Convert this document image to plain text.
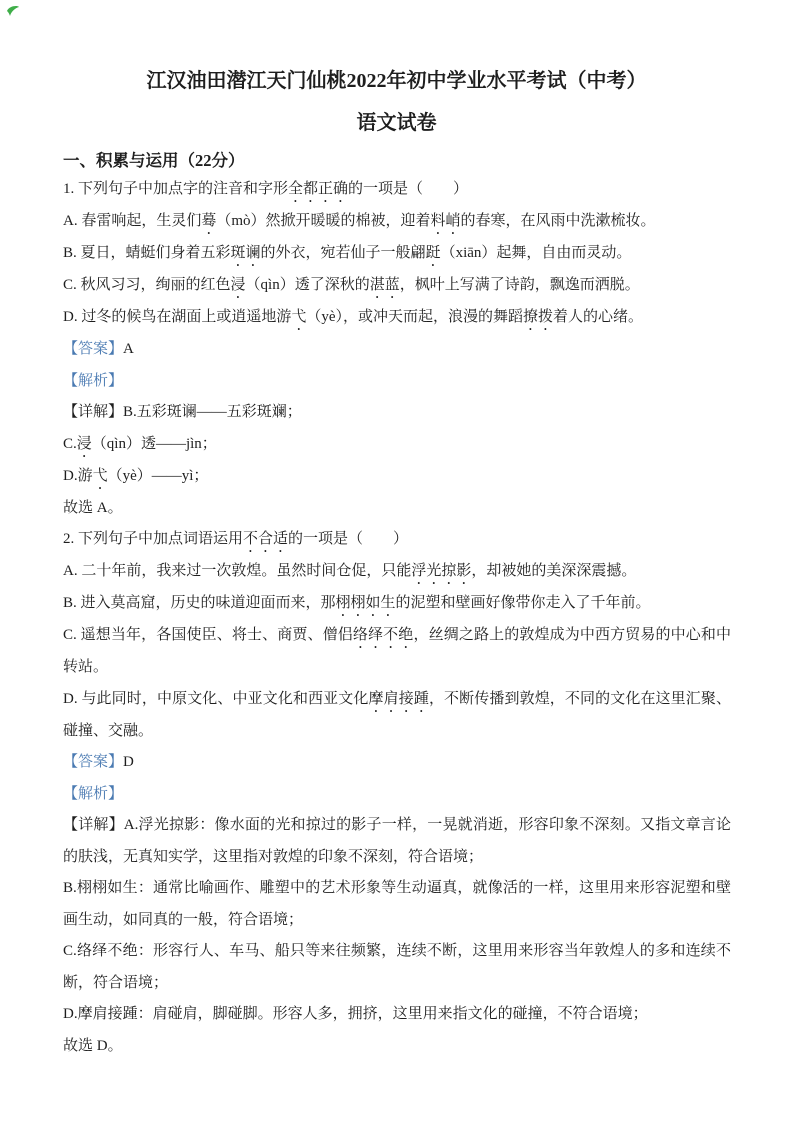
江汉油田潜江天门仙桃2022年初中学业水平考试（中考）
语文试卷
一、积累与运用（22分）
1. 下列句子中加点字的注音和字形全都正确的一项是（　　）
A. 春雷响起，生灵们蓦（mò）然掀开暖暖的棉被，迎着料峭的春寒，在风雨中洗漱梳妆。
B. 夏日，蜻蜓们身着五彩斑谰的外衣，宛若仙子一般翩跹（xiān）起舞，自由而灵动。
C. 秋风习习，绚丽的红色浸（qìn）透了深秋的湛蓝，枫叶上写满了诗韵，飘逸而洒脱。
D. 过冬的候鸟在湖面上或逍遥地游弋（yè），或冲天而起，浪漫的舞蹈撩拨着人的心绪。
【答案】A
【解析】
【详解】B.五彩斑谰——五彩斑斓；
C.浸（qìn）透——jìn；
D.游弋（yè）——yì；
故选 A。
2. 下列句子中加点词语运用不合适的一项是（　　）
A. 二十年前，我来过一次敦煌。虽然时间仓促，只能浮光掠影，却被她的美深深震撼。
B. 进入莫高窟，历史的味道迎面而来，那栩栩如生的泥塑和壁画好像带你走入了千年前。
C. 遥想当年，各国使臣、将士、商贾、僧侣络绎不绝，丝绸之路上的敦煌成为中西方贸易的中心和中转站。
D. 与此同时，中原文化、中亚文化和西亚文化摩肩接踵，不断传播到敦煌，不同的文化在这里汇聚、碰撞、交融。
【答案】D
【解析】
【详解】A.浮光掠影：像水面的光和掠过的影子一样，一晃就消逝，形容印象不深刻。又指文章言论的肤浅，无真知实学，这里指对敦煌的印象不深刻，符合语境；
B.栩栩如生：通常比喻画作、雕塑中的艺术形象等生动逼真，就像活的一样，这里用来形容泥塑和壁画生动，如同真的一般，符合语境；
C.络绎不绝：形容行人、车马、船只等来往频繁，连续不断，这里用来形容当年敦煌人的多和连续不断，符合语境；
D.摩肩接踵：肩碰肩，脚碰脚。形容人多，拥挤，这里用来指文化的碰撞，不符合语境；
故选 D。
